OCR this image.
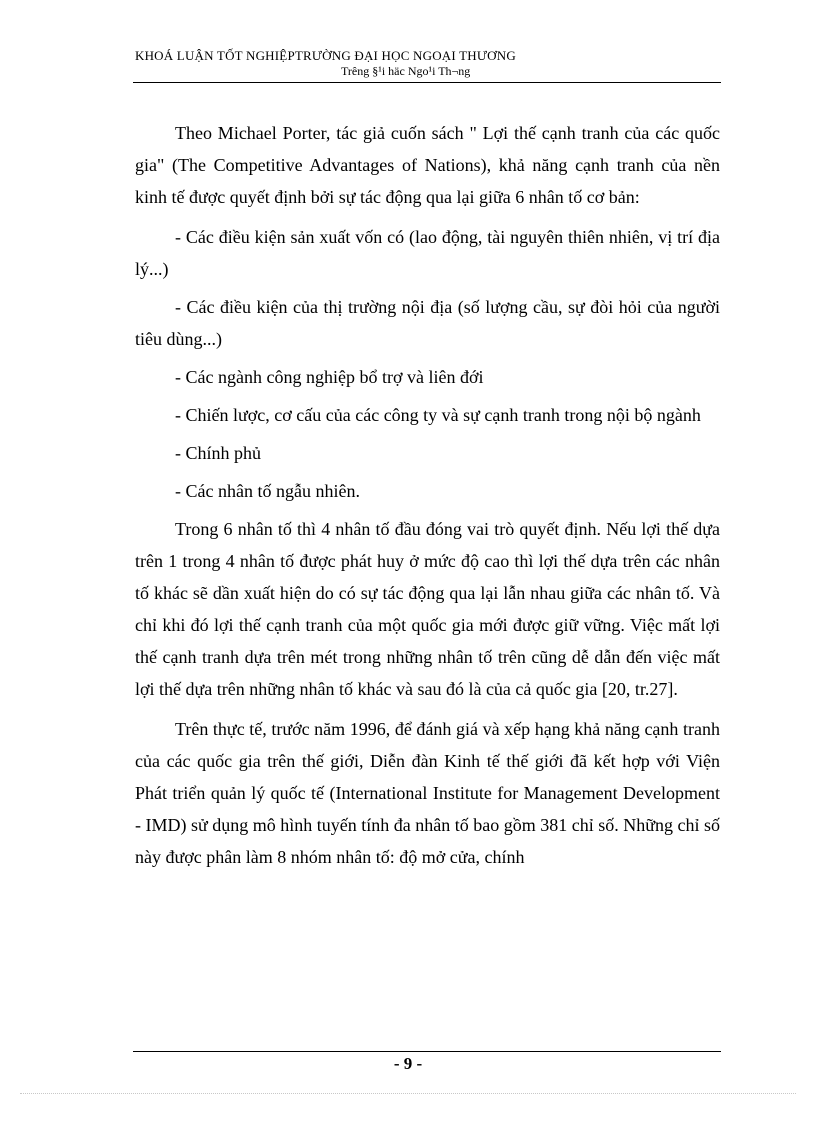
KHOÁ LUẬN TỐT NGHIỆPTRƯỜNG ĐẠI HỌC NGOẠI THƯƠNG
Trêng §¹i häc Ngo¹i Th¬ng

Theo Michael Porter, tác giả cuốn sách " Lợi thế cạnh tranh của các quốc gia" (The Competitive Advantages of Nations), khả năng cạnh tranh của nền kinh tế được quyết định bởi sự tác động qua lại giữa 6 nhân tố cơ bản:

- Các điều kiện sản xuất vốn có (lao động, tài nguyên thiên nhiên, vị trí địa lý...)

- Các điều kiện của thị trường nội địa (số lượng cầu, sự đòi hỏi của người tiêu dùng...)

- Các ngành công nghiệp bổ trợ và liên đới

- Chiến lược, cơ cấu của các công ty và sự cạnh tranh trong nội bộ ngành

- Chính phủ

- Các nhân tố ngẫu nhiên.

Trong 6 nhân tố thì 4 nhân tố đầu đóng vai trò quyết định. Nếu lợi thế dựa trên 1 trong 4 nhân tố được phát huy ở mức độ cao thì lợi thế dựa trên các nhân tố khác sẽ dần xuất hiện do có sự tác động qua lại lẫn nhau giữa các nhân tố. Và chỉ khi đó lợi thế cạnh tranh của một quốc gia mới được giữ vững. Việc mất lợi thế cạnh tranh dựa trên mét trong những nhân tố trên cũng dễ dẫn đến việc mất lợi thế dựa trên những nhân tố khác và sau đó là của cả quốc gia [20, tr.27].

Trên thực tế, trước năm 1996, để đánh giá và xếp hạng khả năng cạnh tranh của các quốc gia trên thế giới, Diễn đàn Kinh tế thế giới đã kết hợp với Viện Phát triển quản lý quốc tế (International Institute for Management Development - IMD) sử dụng mô hình tuyến tính đa nhân tố bao gồm 381 chỉ số. Những chỉ số này được phân làm 8 nhóm nhân tố: độ mở cửa, chính

- 9 -
